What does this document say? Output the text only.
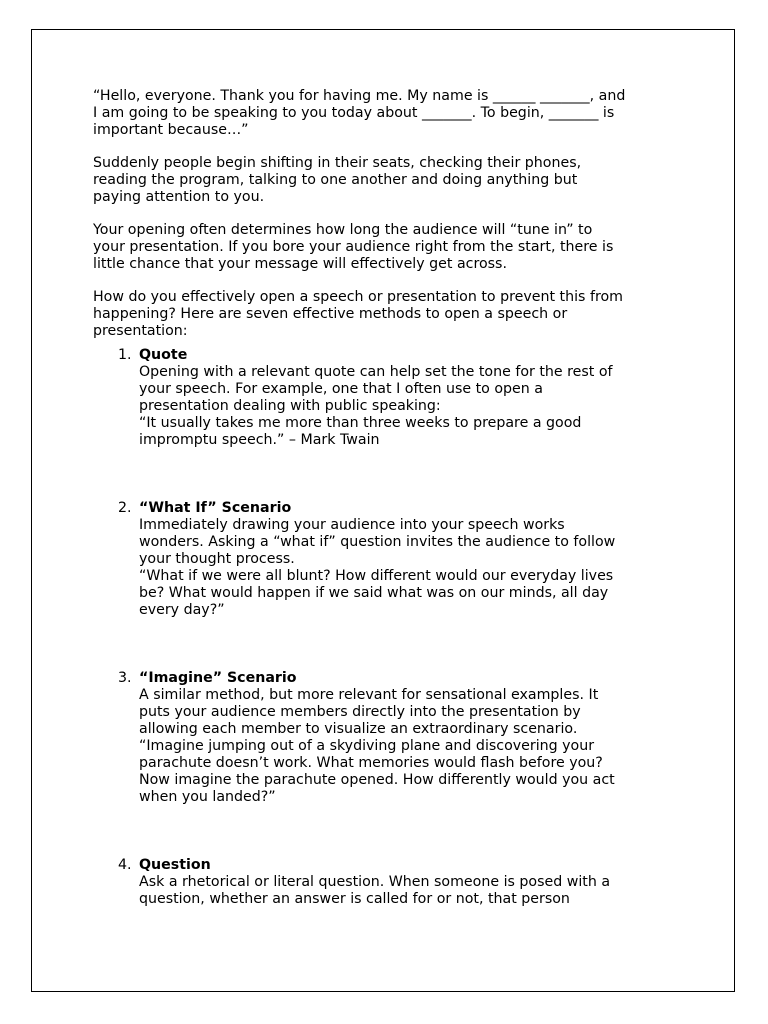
“Hello, everyone. Thank you for having me. My name is ______ _______, and
I am going to be speaking to you today about _______. To begin, _______ is
important because…”

Suddenly people begin shifting in their seats, checking their phones,
reading the program, talking to one another and doing anything but
paying attention to you.

Your opening often determines how long the audience will “tune in” to
your presentation. If you bore your audience right from the start, there is
little chance that your message will effectively get across.

How do you effectively open a speech or presentation to prevent this from
happening? Here are seven effective methods to open a speech or
presentation:

1. Quote
Opening with a relevant quote can help set the tone for the rest of
your speech. For example, one that I often use to open a
presentation dealing with public speaking:
“It usually takes me more than three weeks to prepare a good
impromptu speech.” – Mark Twain
2. “What If” Scenario
Immediately drawing your audience into your speech works
wonders. Asking a “what if” question invites the audience to follow
your thought process.
“What if we were all blunt? How different would our everyday lives
be? What would happen if we said what was on our minds, all day
every day?”
3. “Imagine” Scenario
A similar method, but more relevant for sensational examples. It
puts your audience members directly into the presentation by
allowing each member to visualize an extraordinary scenario.
“Imagine jumping out of a skydiving plane and discovering your
parachute doesn’t work. What memories would flash before you?
Now imagine the parachute opened. How differently would you act
when you landed?”
4. Question
Ask a rhetorical or literal question. When someone is posed with a
question, whether an answer is called for or not, that person
